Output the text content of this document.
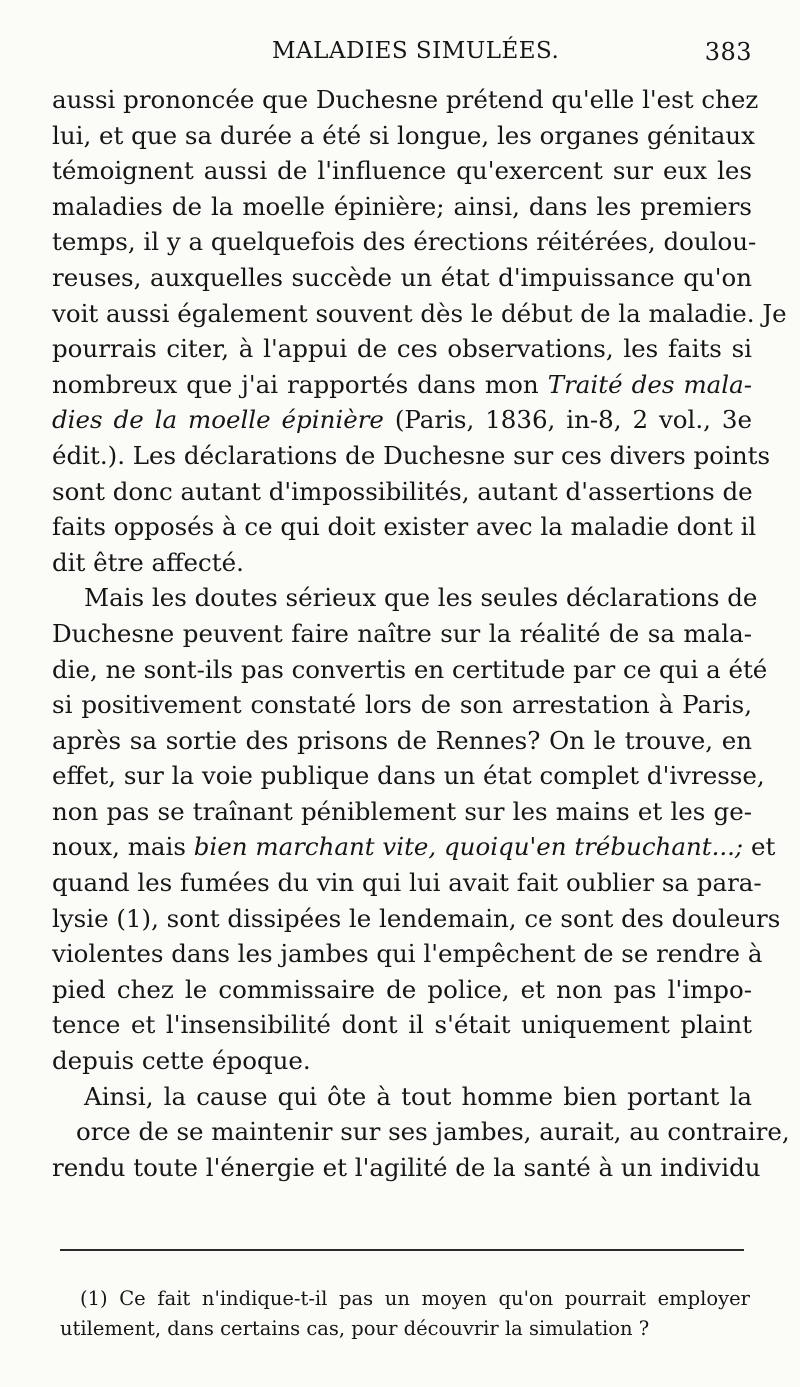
MALADIES SIMULÉES.	383
aussi prononcée que Duchesne prétend qu'elle l'est chez
lui, et que sa durée a été si longue, les organes génitaux
témoignent aussi de l'influence qu'exercent sur eux les
maladies de la moelle épinière; ainsi, dans les premiers
temps, il y a quelquefois des érections réitérées, doulou-
reuses, auxquelles succède un état d'impuissance qu'on
voit aussi également souvent dès le début de la maladie. Je
pourrais citer, à l'appui de ces observations, les faits si
nombreux que j'ai rapportés dans mon Traité des mala-
dies de la moelle épinière (Paris, 1836, in-8, 2 vol., 3e
édit.). Les déclarations de Duchesne sur ces divers points
sont donc autant d'impossibilités, autant d'assertions de
faits opposés à ce qui doit exister avec la maladie dont il
dit être affecté.
Mais les doutes sérieux que les seules déclarations de
Duchesne peuvent faire naître sur la réalité de sa mala-
die, ne sont-ils pas convertis en certitude par ce qui a été
si positivement constaté lors de son arrestation à Paris,
après sa sortie des prisons de Rennes? On le trouve, en
effet, sur la voie publique dans un état complet d'ivresse,
non pas se traînant péniblement sur les mains et les ge-
noux, mais bien marchant vite, quoiqu'en trébuchant...; et
quand les fumées du vin qui lui avait fait oublier sa para-
lysie (1), sont dissipées le lendemain, ce sont des douleurs
violentes dans les jambes qui l'empêchent de se rendre à
pied chez le commissaire de police, et non pas l'impo-
tence et l'insensibilité dont il s'était uniquement plaint
depuis cette époque.
Ainsi, la cause qui ôte à tout homme bien portant la
orce de se maintenir sur ses jambes, aurait, au contraire,
rendu toute l'énergie et l'agilité de la santé à un individu
(1) Ce fait n'indique-t-il pas un moyen qu'on pourrait employer
utilement, dans certains cas, pour découvrir la simulation ?
